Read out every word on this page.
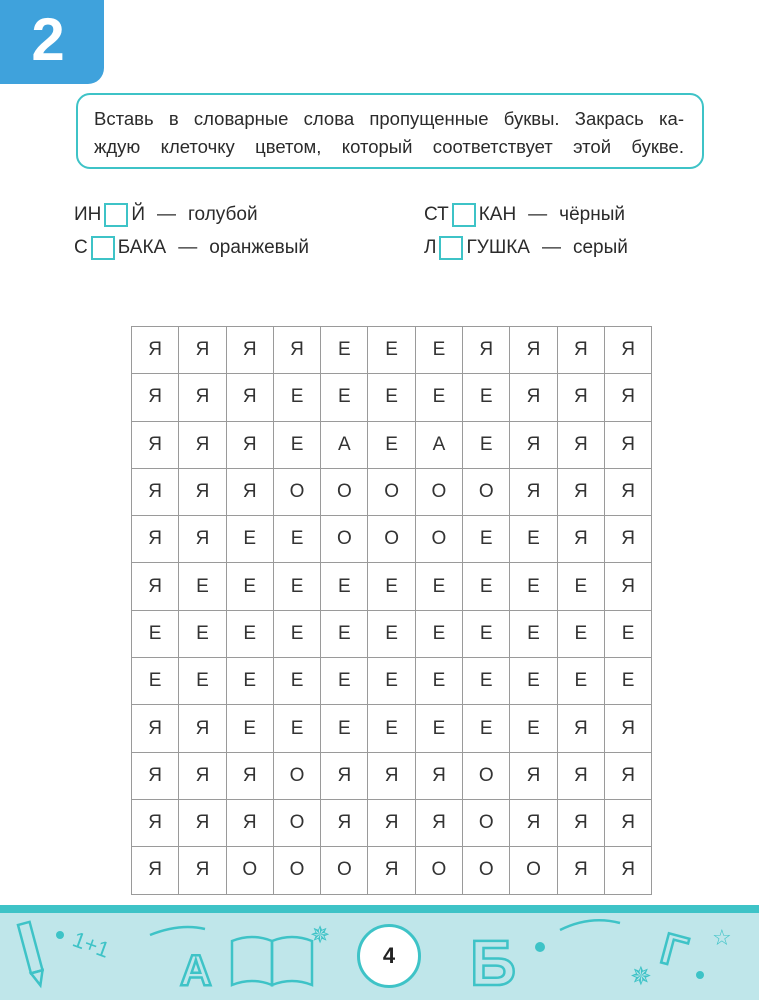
2
Вставь в словарные слова пропущенные буквы. Закрась ка-
ждую клеточку цветом, который соответствует этой букве.
ИН Й — голубой	СТ КАН — чёрный
С БАКА — оранжевый	Л ГУШКА — серый
Я	Я	Я	Я	Е	Е	Е	Я	Я	Я	Я
Я	Я	Я	Е	Е	Е	Е	Е	Я	Я	Я
Я	Я	Я	Е	А	Е	А	Е	Я	Я	Я
Я	Я	Я	О	О	О	О	О	Я	Я	Я
Я	Я	Е	Е	О	О	О	Е	Е	Я	Я
Я	Е	Е	Е	Е	Е	Е	Е	Е	Е	Я
Е	Е	Е	Е	Е	Е	Е	Е	Е	Е	Е
Е	Е	Е	Е	Е	Е	Е	Е	Е	Е	Е
Я	Я	Е	Е	Е	Е	Е	Е	Е	Я	Я
Я	Я	Я	О	Я	Я	Я	О	Я	Я	Я
Я	Я	Я	О	Я	Я	Я	О	Я	Я	Я
Я	Я	О	О	О	Я	О	О	О	Я	Я
1+1
А
✵
✵
☆
Б	Г
4
